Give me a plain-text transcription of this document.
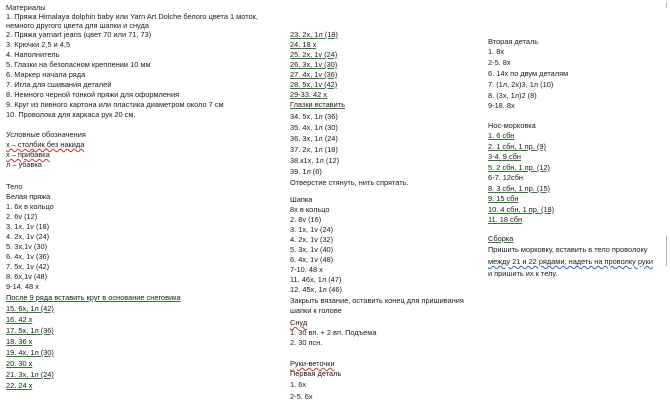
Материалы
1. Пряжа Himalaya dolphin baby или Yarn Art Dolche белого цвета 1 моток,
немного другого цвета для шапки и снуда
2. Пряжа yarnart jeans (цвет 70 или 71, 73)
3. Крючки 2,5 и 4,5
4. Наполнитель
5. Глазки на безопасном креплении 10 мм
6. Маркер начала ряда
7. Игла для сшивания деталей
8. Немного черной тонкой пряжи для оформления
9. Круг из пивного картона или пластика диаметром около 7 см
10. Проволока для каркаса рук 20 см.
Условные обозначения
х – столбик без накида
х – прибавка
л – убавка
Тело
Белая пряжа
1. 6х в кольцо
2. 6v (12)
3. 1х, 1v (18)
4. 2х, 1v (24)
5. 3х,1v (30)
6. 4х, 1v (36)
7. 5х, 1v (42)
8. 6х,1v (48)
9-14. 48 х
После 9 ряда вставить круг в основание снеговика
15. 6х, 1л (42)
16. 42 х
17. 5х, 1л (36)
18. 36 х
19. 4х, 1л (30)
20. 30 х
21. 3х, 1л (24)
22. 24 х
23. 2х, 1л (18)
24. 18 х
25. 2х, 1v (24)
26. 3х, 1v (30)
27. 4х, 1v (36)
28. 5х, 1v (42)
29-33. 42 х
Глазки вставить
34. 5х, 1л (36)
35. 4х, 1л (30)
36. 3х, 1л (24)
37. 2х, 1л (18)
38.к1х, 1л (12)
39. 1л (6)
Отверстие стянуть, нить спрятать.
Шапка
8х в кольцо
2. 8v (16)
3. 1х, 1v (24)
4. 2х, 1v (32)
5. 3х, 1v (40)
6. 4х, 1v (48)
7-10. 48 х
11. 46х, 1л (47)
12. 45х, 1л (46)
Закрыть вязание, оставить конец для пришивания
шапки к голове
Снуд
1. 30 вп. + 2 вп. Подъема
2. 30 псн.
Руки-веточки
Первая деталь
1. 6х
2-5. 6х
Вторая деталь
1. 8х
2-5. 8х
6. 14х по двум деталям
7. (1л, 2х)3, 1л (10)
8. (3х, 1л)2 (8)
9-18. 8х
Нос-морковка
1. 6 сбн
2. 1 сбн, 1 пр. (9)
3-4. 9 сбн
5. 2 сбн, 1 пр. (12)
6-7. 12сбн
8. 3 сбн, 1 пр. (15)
9. 15 сбн
10. 4 сбн, 1 пр. (18)
11. 18 сбн
Сборка
Пришить морковку, вставить в тело проволоку
между 21 и 22 рядами, надеть на проволку руки
и пришить их к телу.
